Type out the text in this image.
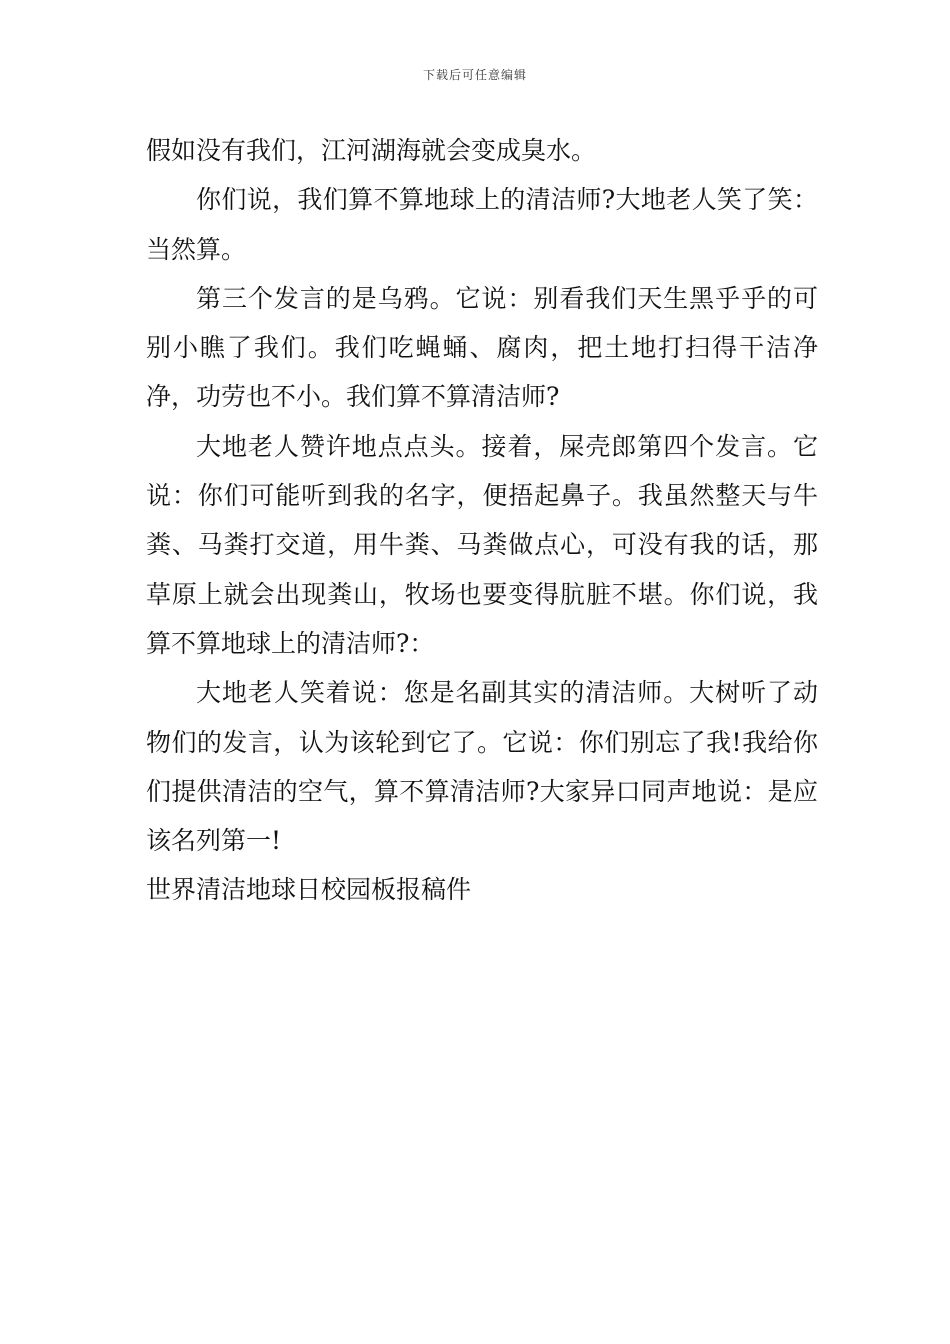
下载后可任意编辑

假如没有我们，江河湖海就会变成臭水。

你们说，我们算不算地球上的清洁师?大地老人笑了笑：当然算。

第三个发言的是乌鸦。它说：别看我们天生黑乎乎的可别小瞧了我们。我们吃蝇蛹、腐肉，把土地打扫得干洁净净，功劳也不小。我们算不算清洁师?

大地老人赞许地点点头。接着，屎壳郎第四个发言。它说：你们可能听到我的名字，便捂起鼻子。我虽然整天与牛粪、马粪打交道，用牛粪、马粪做点心，可没有我的话，那草原上就会出现粪山，牧场也要变得肮脏不堪。你们说，我算不算地球上的清洁师?：

大地老人笑着说：您是名副其实的清洁师。大树听了动物们的发言，认为该轮到它了。它说：你们别忘了我!我给你们提供清洁的空气，算不算清洁师?大家异口同声地说：是应该名列第一!

世界清洁地球日校园板报稿件
